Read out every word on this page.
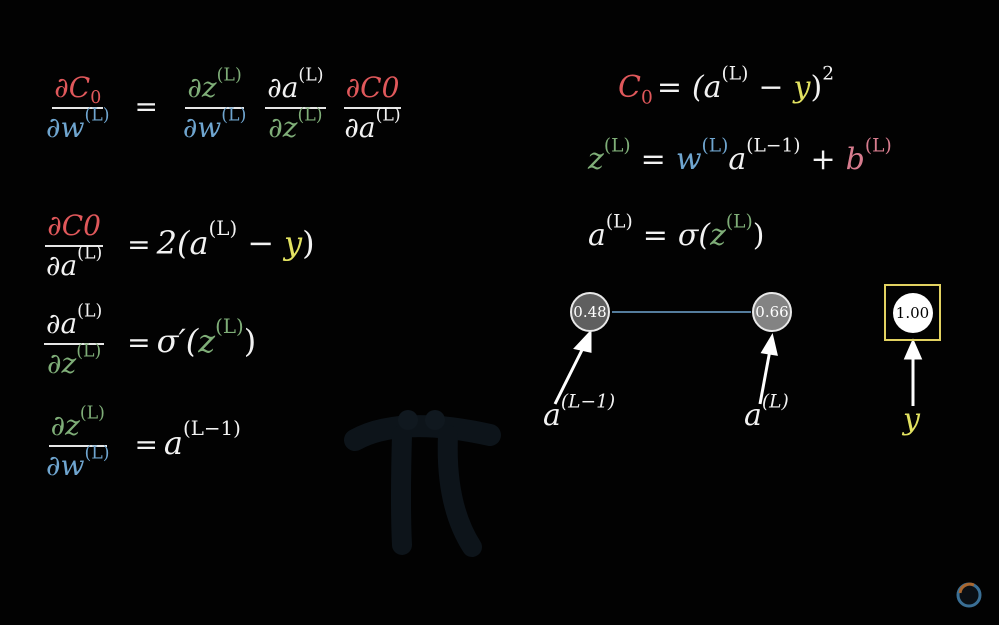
$\frac{\partial C_0}{\partial w^{(L)}} = \frac{\partial z^{(L)}}{\partial w^{(L)}}$
$\frac{\partial a^{(L)}}{\partial z^{(L)}}$
$\frac{\partial C0}{\partial a^{(L)}}$
$\frac{\partial C0}{\partial a^{(L)}} = 2(a^{(L)} - y)$
$\frac{\partial a^{(L)}}{\partial z^{(L)}} = \sigma'(z^{(L)})$
$\frac{\partial z^{(L)}}{\partial w^{(L)}} = a^{(L-1)}$
$C_0 = (a^{(L)} - y)^2$
$z^{(L)} = w^{(L)}a^{(L-1)} + b^{(L)}$
$a^{(L)} = \sigma(z^{(L)})$
0.48	0.66	1.00
$a^{(L-1)}$	$a^{(L)}$
y
